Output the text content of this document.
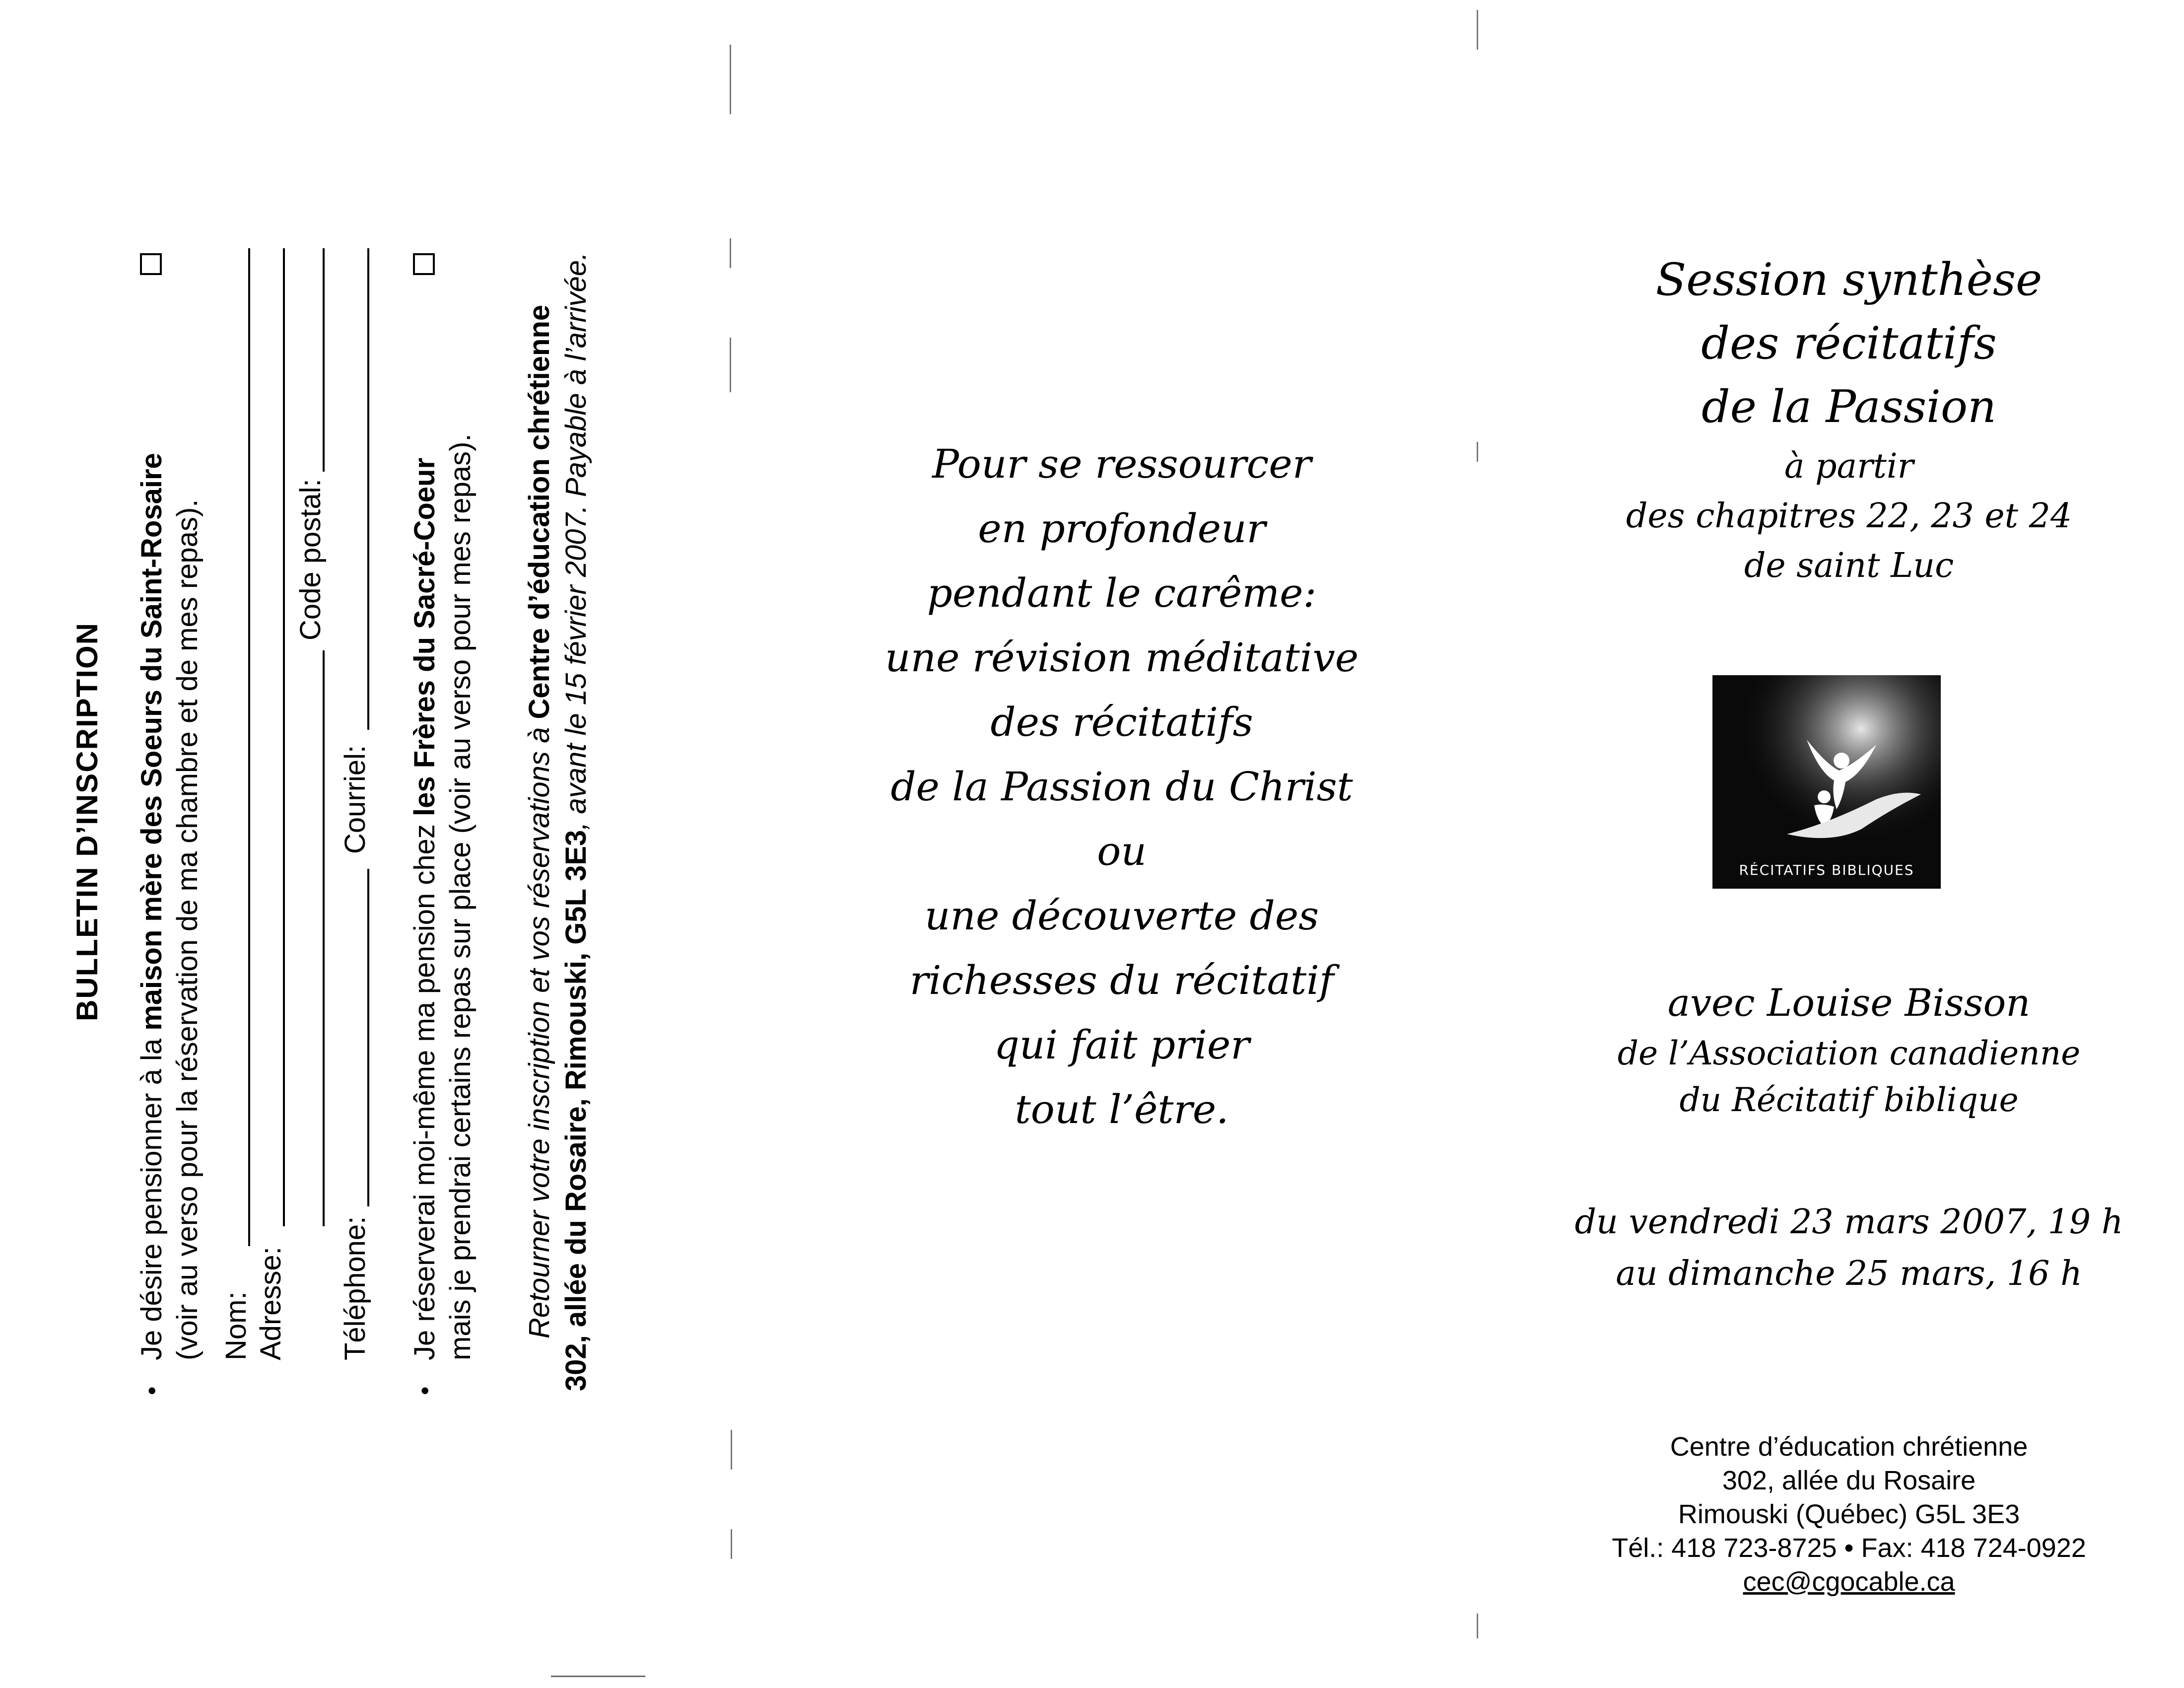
BULLETIN D’INSCRIPTION
•
Je désire pensionner à la maison mère des Soeurs du Saint-Rosaire (voir au verso pour la réservation de ma chambre et de mes repas). Nom: Adresse:
Code postal:
Téléphone:
Courriel:
•
Je réserverai moi-même ma pension chez les Frères du Sacré-Coeur mais je prendrai certains repas sur place (voir au verso pour mes repas). Retourner votre inscription et vos réservations à Centre d’éducation chrétienne
302, allée du Rosaire, Rimouski, G5L 3E3, avant le 15 février 2007. Payable à l’arrivée.	Pour se ressourcer
en profondeur
pendant le carême:
une révision méditative
des récitatifs
de la Passion du Christ
ou
une découverte des
richesses du récitatif
qui fait prier
tout l’être.
Session synthèse
des récitatifs
de la Passion
à partir
des chapitres 22, 23 et 24
de saint Luc
RÉCITATIFS BIBLIQUES
avec Louise Bisson
de l’Association canadienne
du Récitatif biblique
du vendredi 23 mars 2007, 19 h
au dimanche 25 mars, 16 h
Centre d’éducation chrétienne
302, allée du Rosaire
Rimouski (Québec) G5L 3E3
Tél.: 418 723-8725 • Fax: 418 724-0922
cec@cgocable.ca
